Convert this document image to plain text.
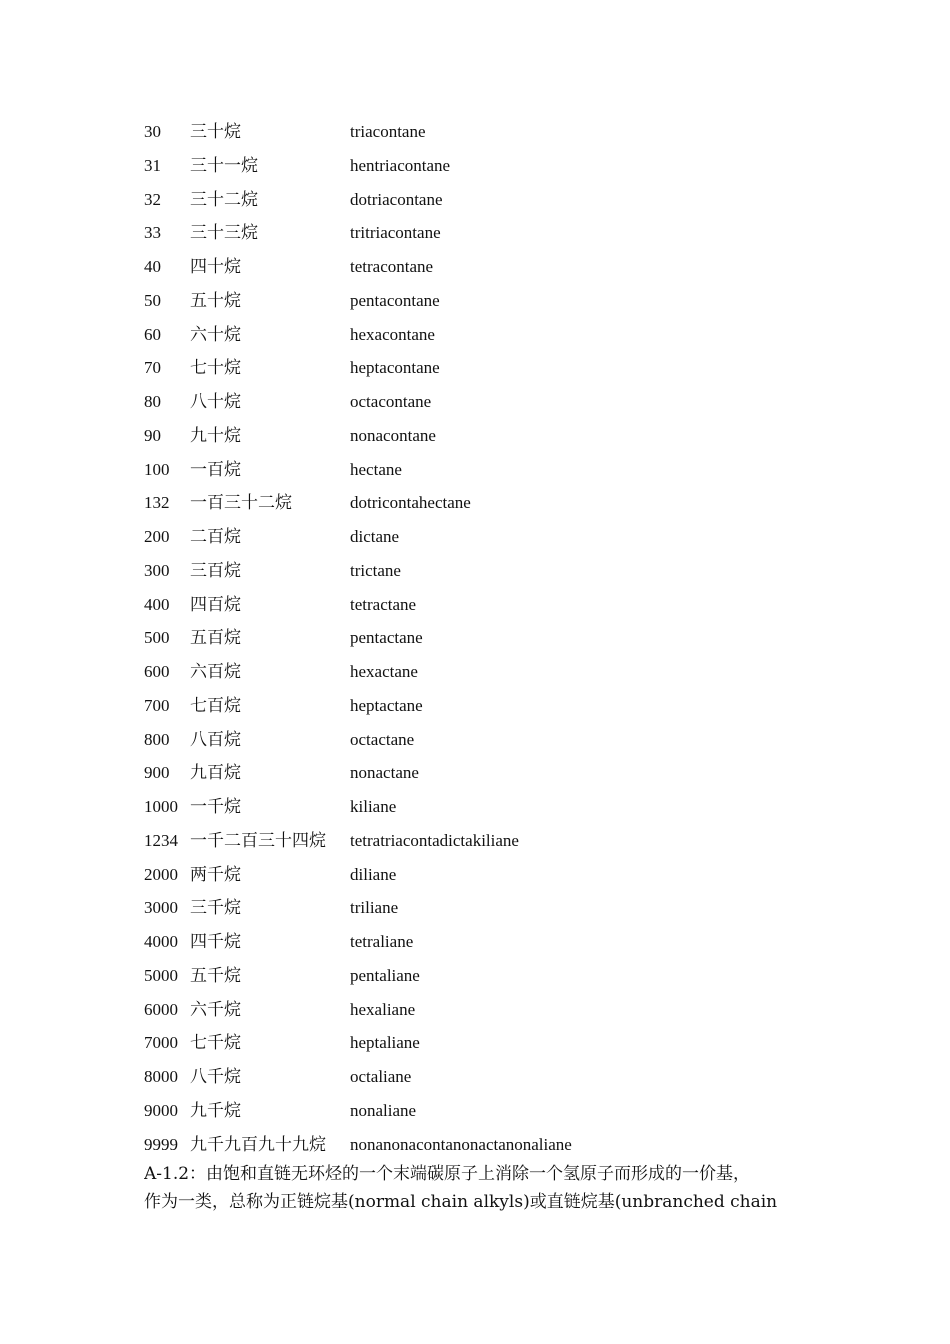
30 三十烷	triacontane
31 三十一烷	hentriacontane
32 三十二烷	dotriacontane
33 三十三烷	tritriacontane
40 四十烷	tetracontane
50 五十烷	pentacontane
60 六十烷	hexacontane
70 七十烷	heptacontane
80 八十烷	octacontane
90 九十烷	nonacontane
100 一百烷	hectane
132 一百三十二烷	dotricontahectane
200 二百烷	dictane
300 三百烷	trictane
400 四百烷	tetractane
500 五百烷	pentactane
600 六百烷	hexactane
700 七百烷	heptactane
800 八百烷	octactane
900 九百烷	nonactane
1000 一千烷	kiliane
1234 一千二百三十四烷 tetratriacontadictakiliane
2000 两千烷	diliane
3000 三千烷	triliane
4000 四千烷	tetraliane
5000 五千烷	pentaliane
6000 六千烷	hexaliane
7000 七千烷	heptaliane
8000 八千烷	octaliane
9000 九千烷	nonaliane
9999 九千九百九十九烷 nonanonacontanonactanonaliane
A-1.2：由饱和直链无环烃的一个末端碳原子上消除一个氢原子而形成的一价基，
作为一类，总称为正链烷基(normal chain alkyls)或直链烷基(unbranched chain
